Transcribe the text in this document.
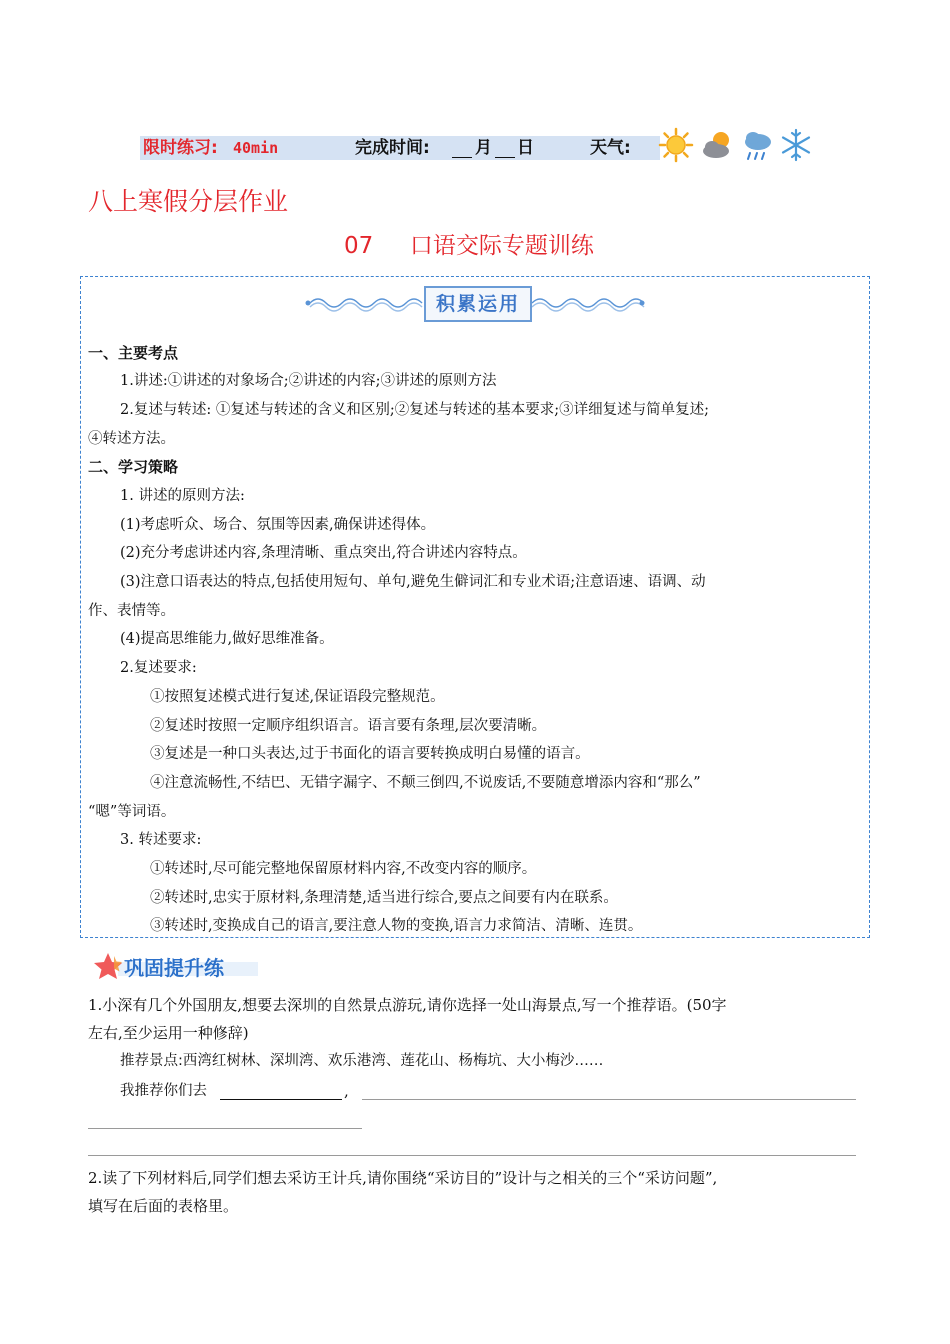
限时练习: 40min	完成时间:	月 日	天气:
八上寒假分层作业
07 口语交际专题训练
积累运用
一、主要考点
1.讲述:①讲述的对象场合;②讲述的内容;③讲述的原则方法
2.复述与转述: ①复述与转述的含义和区别;②复述与转述的基本要求;③详细复述与简单复述;
④转述方法。
二、学习策略
1. 讲述的原则方法:
(1)考虑听众、场合、氛围等因素,确保讲述得体。
(2)充分考虑讲述内容,条理清晰、重点突出,符合讲述内容特点。
(3)注意口语表达的特点,包括使用短句、单句,避免生僻词汇和专业术语;注意语速、语调、动
作、表情等。
(4)提高思维能力,做好思维准备。
2.复述要求:
①按照复述模式进行复述,保证语段完整规范。
②复述时按照一定顺序组织语言。语言要有条理,层次要清晰。
③复述是一种口头表达,过于书面化的语言要转换成明白易懂的语言。
④注意流畅性,不结巴、无错字漏字、不颠三倒四,不说废话,不要随意增添内容和“那么”
“嗯”等词语。
3. 转述要求:
①转述时,尽可能完整地保留原材料内容,不改变内容的顺序。
②转述时,忠实于原材料,条理清楚,适当进行综合,要点之间要有内在联系。
③转述时,变换成自己的语言,要注意人物的变换,语言力求简洁、清晰、连贯。
巩固提升练
1.小深有几个外国朋友,想要去深圳的自然景点游玩,请你选择一处山海景点,写一个推荐语。(50字
左右,至少运用一种修辞)
推荐景点:西湾红树林、深圳湾、欢乐港湾、莲花山、杨梅坑、大小梅沙……
我推荐你们去	,
2.读了下列材料后,同学们想去采访王计兵,请你围绕“采访目的”设计与之相关的三个“采访问题”,
填写在后面的表格里。
